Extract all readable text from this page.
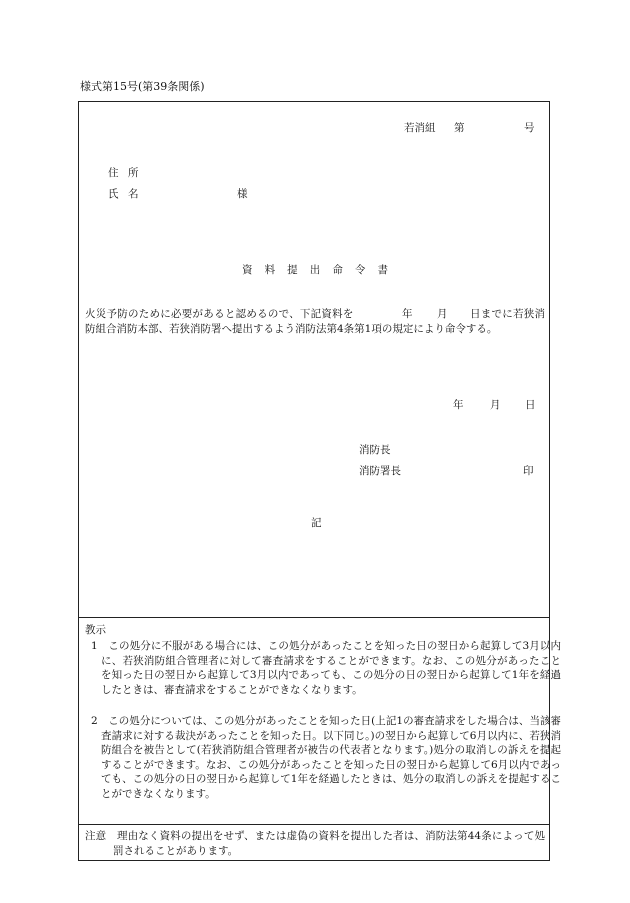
様式第15号(第39条関係)
若消組 第	号
住所
氏名	様
資料提出命令書
火災予防のために必要があると認めるので、下記資料を	年 月 日までに若狭消防組合消防本部、若狭消防署へ提出するよう消防法第4条第1項の規定により命令する。
年	月 日
消防長
消防署長	印
記
教示
1　この処分に不服がある場合には、この処分があったことを知った日の翌日から起算して3月以内に、若狭消防組合管理者に対して審査請求をすることができます。なお、この処分があったことを知った日の翌日から起算して3月以内であっても、この処分の日の翌日から起算して1年を経過したときは、審査請求をすることができなくなります。
2　この処分については、この処分があったことを知った日(上記1の審査請求をした場合は、当該審査請求に対する裁決があったことを知った日。以下同じ。)の翌日から起算して6月以内に、若狭消防組合を被告として(若狭消防組合管理者が被告の代表者となります。)処分の取消しの訴えを提起することができます。なお、この処分があったことを知った日の翌日から起算して6月以内であっても、この処分の日の翌日から起算して1年を経過したときは、処分の取消しの訴えを提起することができなくなります。
注意　理由なく資料の提出をせず、または虚偽の資料を提出した者は、消防法第44条によって処罰されることがあります。
